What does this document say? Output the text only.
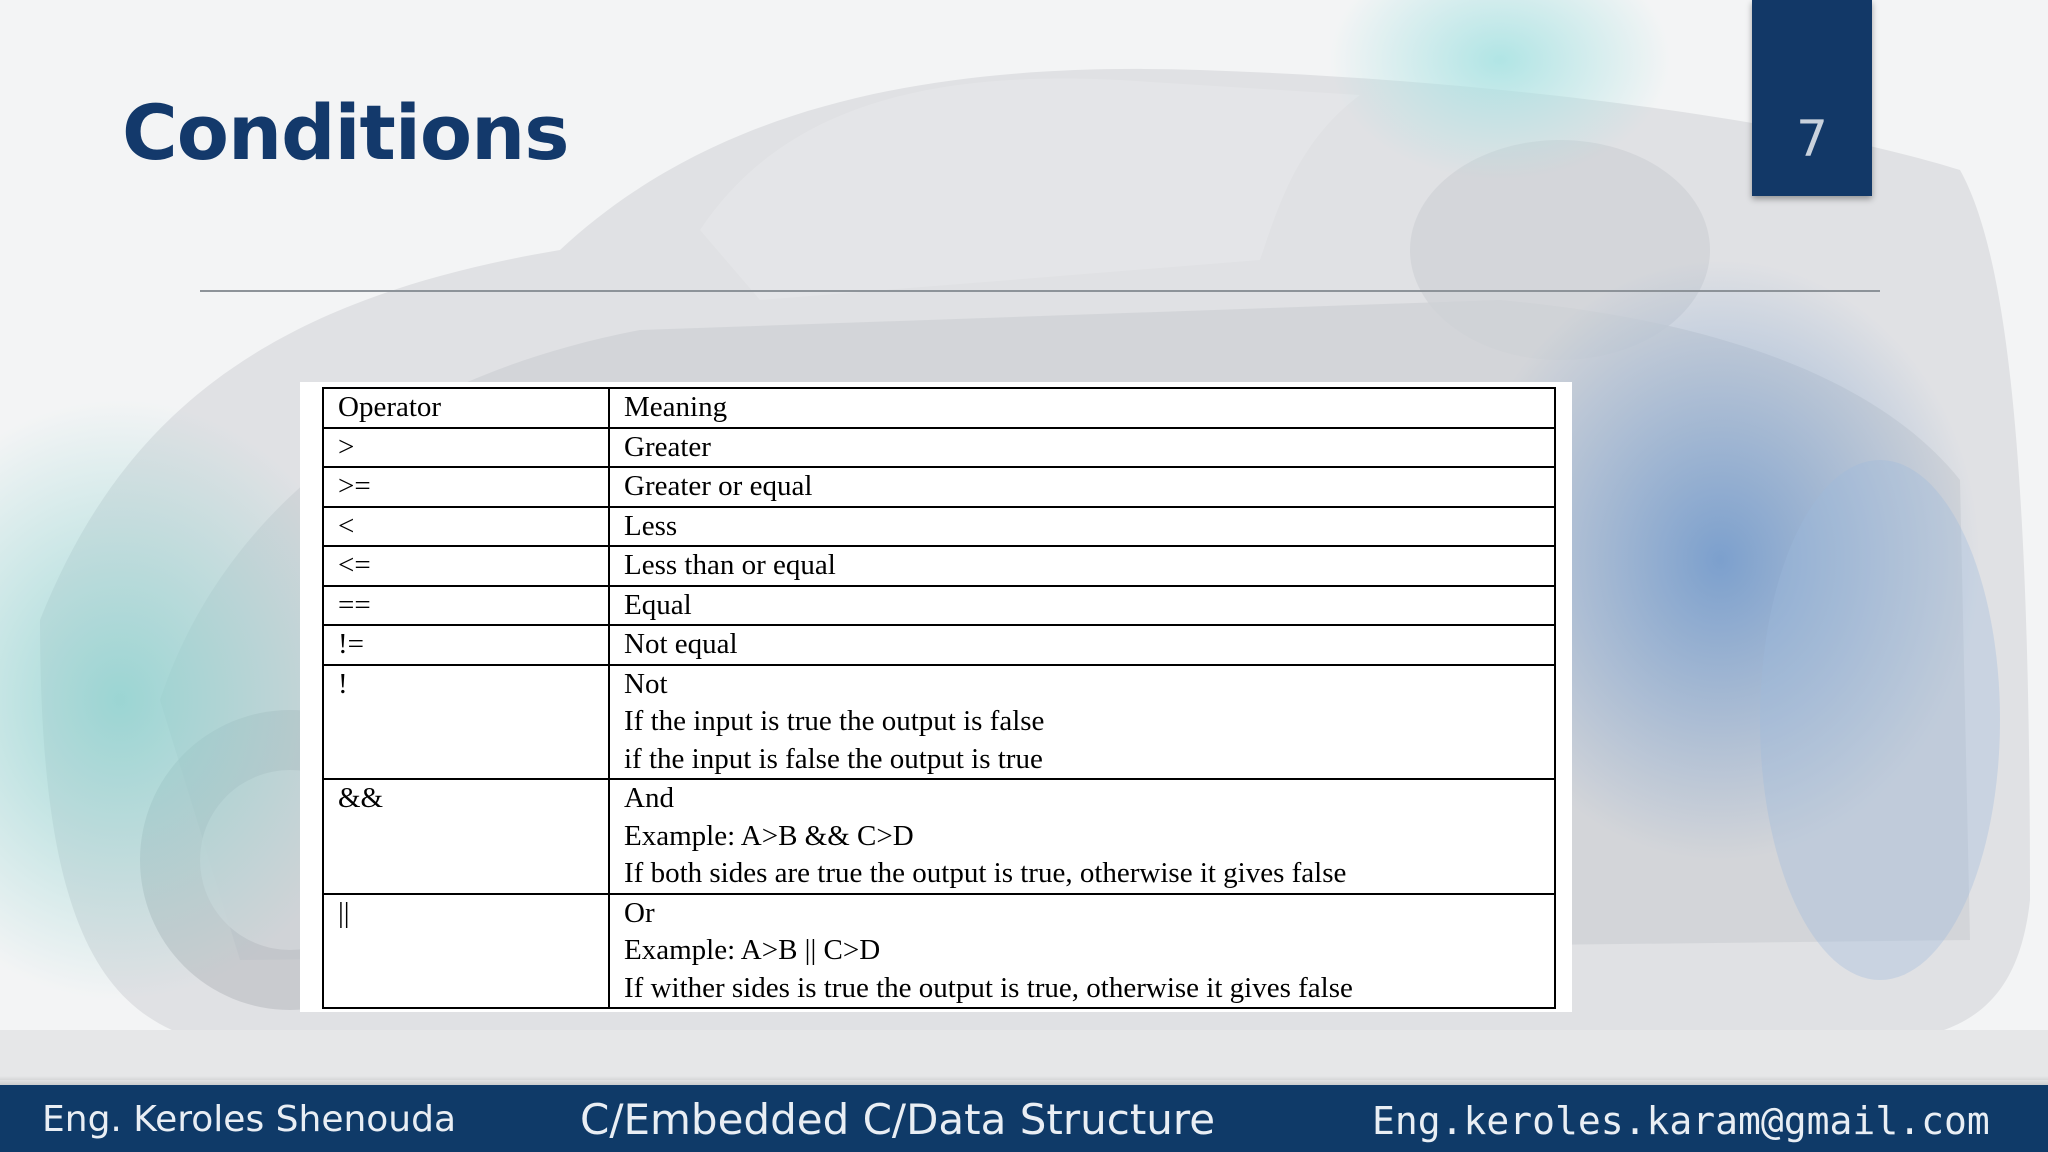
Conditions	7
Operator	Meaning

>	Greater

>=	Greater or equal

<	Less

<=	Less than or equal

==	Equal

!=	Not equal

!	Not
If the input is true the output is false
if the input is false the output is true

&&	And
Example: A>B && C>D
If both sides are true the output is true, otherwise it gives false

||	Or
Example: A>B || C>D
If wither sides is true the output is true, otherwise it gives false
Eng. Keroles Shenouda	C/Embedded C/Data Structure	Eng.keroles.karam@gmail.com
